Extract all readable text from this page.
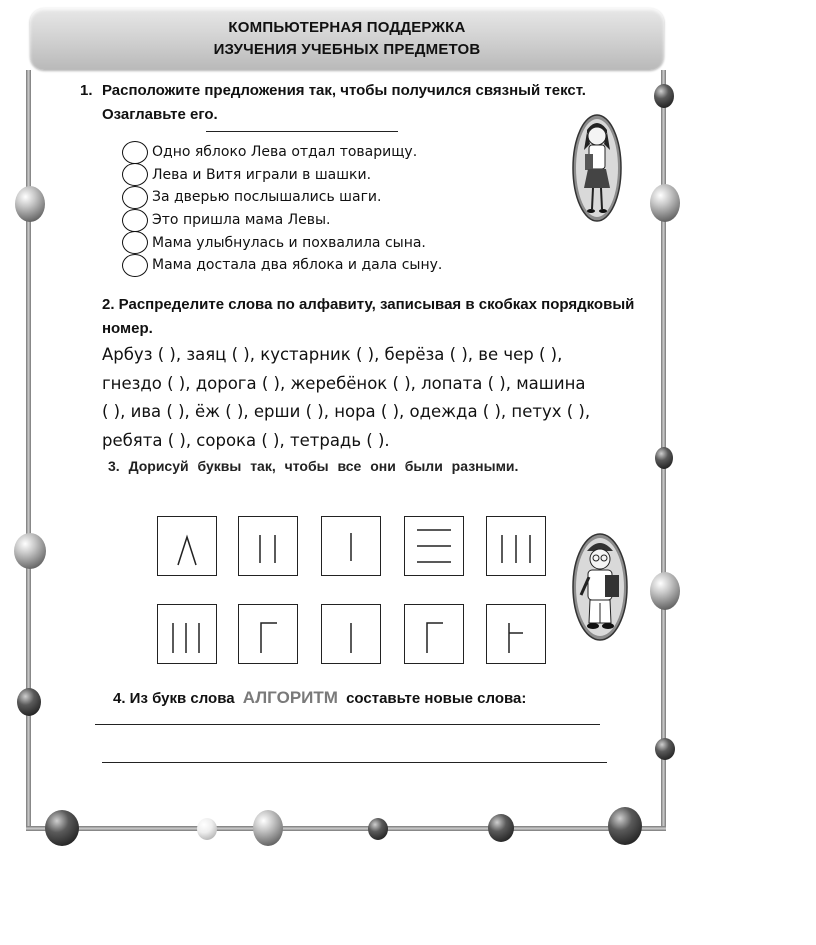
КОМПЬЮТЕРНАЯ ПОДДЕРЖКА
ИЗУЧЕНИЯ УЧЕБНЫХ ПРЕДМЕТОВ
1. Расположите предложения так, чтобы получился связный текст.
Озаглавьте его.
Одно яблоко Лева отдал товарищу.
Лева и Витя играли в шашки.
За дверью послышались шаги.
Это пришла мама Левы.
Мама улыбнулась и похвалила сына.
Мама достала два яблока и дала сыну.
2. Распределите слова по алфавиту, записывая в скобках порядковый
номер.
Арбуз ( ), заяц ( ), кустарник ( ), берёза ( ), ве чер ( ),
гнездо ( ), дорога ( ), жеребёнок ( ), лопата ( ), машина
( ), ива ( ), ёж ( ), ерши ( ), нора ( ), одежда ( ), петух ( ),
ребята ( ), сорока ( ), тетрадь ( ).
3. Дорисуй буквы так, чтобы все они были разными.
4. Из букв слова АЛГОРИТМ составьте новые слова:
